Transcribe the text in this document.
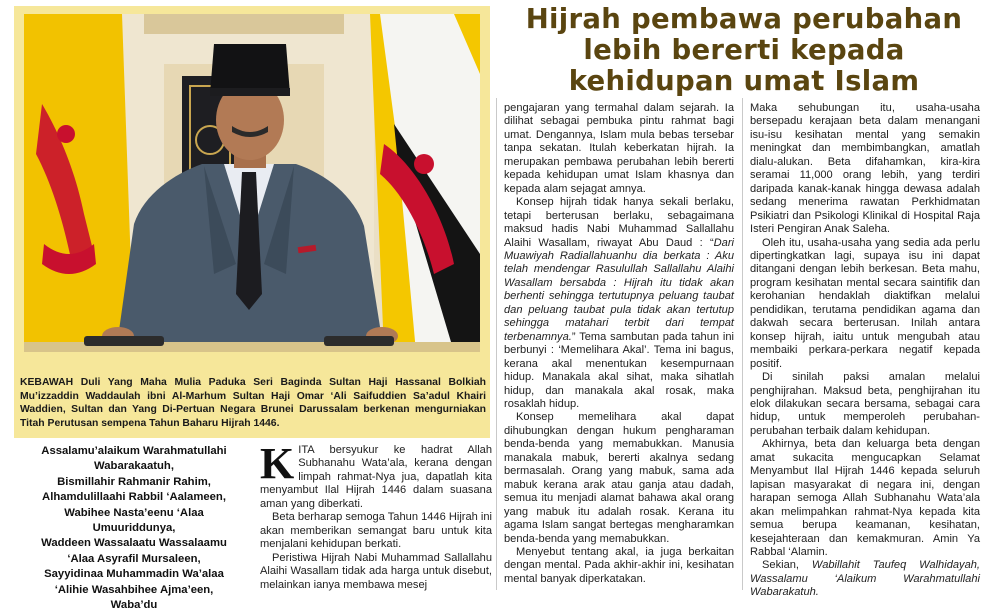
KEBAWAH Duli Yang Maha Mulia Paduka Seri Baginda Sultan Haji Hassanal Bolkiah Mu’izzaddin Waddaulah ibni Al-Marhum Sultan Haji Omar ‘Ali Saifuddien Sa’adul Khairi Waddien, Sultan dan Yang Di-Pertuan Negara Brunei Darussalam berkenan mengurniakan Titah Perutusan sempena Tahun Baharu Hijrah 1446.
Hijrah pembawa perubahan
lebih bererti kepada
kehidupan umat Islam
Assalamu’alaikum Warahmatullahi
Wabarakaatuh,
Bismillahir Rahmanir Rahim,
Alhamdulillaahi Rabbil ‘Aalameen,
Wabihee Nasta’eenu ‘Alaa
Umuuriddunya,
Waddeen Wassalaatu Wassalaamu
‘Alaa Asyrafil Mursaleen,
Sayyidinaa Muhammadin Wa’alaa
‘Alihie Wasahbihee Ajma’een,
Waba’du

KITA bersyukur ke hadrat Allah Subhanahu Wata’ala, kerana dengan limpah rahmat-Nya jua, dapatlah kita menyambut Ilal Hijrah 1446 dalam suasana aman yang diberkati.

Beta berharap semoga Tahun 1446 Hijrah ini akan memberikan semangat baru untuk kita menjalani kehidupan berkati.

Peristiwa Hijrah Nabi Muhammad Sallallahu Alaihi Wasallam tidak ada harga untuk disebut, melainkan ianya membawa mesej

pengajaran yang termahal dalam sejarah. Ia dilihat sebagai pembuka pintu rahmat bagi umat. Dengannya, Islam mula bebas tersebar tanpa sekatan. Itulah keberkatan hijrah. Ia merupakan pembawa perubahan lebih bererti kepada kehidupan umat Islam khasnya dan kepada alam sejagat amnya.

Konsep hijrah tidak hanya sekali berlaku, tetapi berterusan berlaku, sebagaimana maksud hadis Nabi Muhammad Sallallahu Alaihi Wasallam, riwayat Abu Daud : “Dari Muawiyah Radiallahuanhu dia berkata : Aku telah mendengar Rasulullah Sallallahu Alaihi Wasallam bersabda : Hijrah itu tidak akan berhenti sehingga tertutupnya peluang taubat dan peluang taubat pula tidak akan tertutup sehingga matahari terbit dari tempat terbenamnya.” Tema sambutan pada tahun ini berbunyi : ‘Memelihara Akal’. Tema ini bagus, kerana akal menentukan kesempurnaan hidup. Manakala akal sihat, maka sihatlah hidup, dan manakala akal rosak, maka rosaklah hidup.

Konsep memelihara akal dapat dihubungkan dengan hukum pengharaman benda-benda yang memabukkan. Manusia manakala mabuk, bererti akalnya sedang bermasalah. Orang yang mabuk, sama ada mabuk kerana arak atau ganja atau dadah, semua itu menjadi alamat bahawa akal orang yang mabuk itu adalah rosak. Kerana itu agama Islam sangat bertegas mengharamkan benda-benda yang memabukkan.

Menyebut tentang akal, ia juga berkaitan dengan mental. Pada akhir-akhir ini, kesihatan mental banyak diperkatakan.

Maka sehubungan itu, usaha-usaha bersepadu kerajaan beta dalam menangani isu-isu kesihatan mental yang semakin meningkat dan membimbangkan, amatlah dialu-alukan. Beta difahamkan, kira-kira seramai 11,000 orang lebih, yang terdiri daripada kanak-kanak hingga dewasa adalah sedang menerima rawatan Perkhidmatan Psikiatri dan Psikologi Klinikal di Hospital Raja Isteri Pengiran Anak Saleha.

Oleh itu, usaha-usaha yang sedia ada perlu dipertingkatkan lagi, supaya isu ini dapat ditangani dengan lebih berkesan. Beta mahu, program kesihatan mental secara saintifik dan kerohanian hendaklah diaktifkan melalui pendidikan, terutama pendidikan agama dan dakwah secara berterusan. Inilah antara konsep hijrah, iaitu untuk mengubah atau membaiki perkara-perkara negatif kepada positif.

Di sinilah paksi amalan melalui penghijrahan. Maksud beta, penghijrahan itu elok dilakukan secara bersama, sebagai cara hidup, untuk memperoleh perubahan-perubahan terbaik dalam kehidupan.

Akhirnya, beta dan keluarga beta dengan amat sukacita mengucapkan Selamat Menyambut Ilal Hijrah 1446 kepada seluruh lapisan masyarakat di negara ini, dengan harapan semoga Allah Subhanahu Wata’ala akan melimpahkan rahmat-Nya kepada kita semua berupa keamanan, kesihatan, kesejahteraan dan kemakmuran. Amin Ya Rabbal ‘Alamin.

Sekian, Wabillahit Taufeq Walhidayah, Wassalamu ‘Alaikum Warahmatullahi Wabarakatuh.
